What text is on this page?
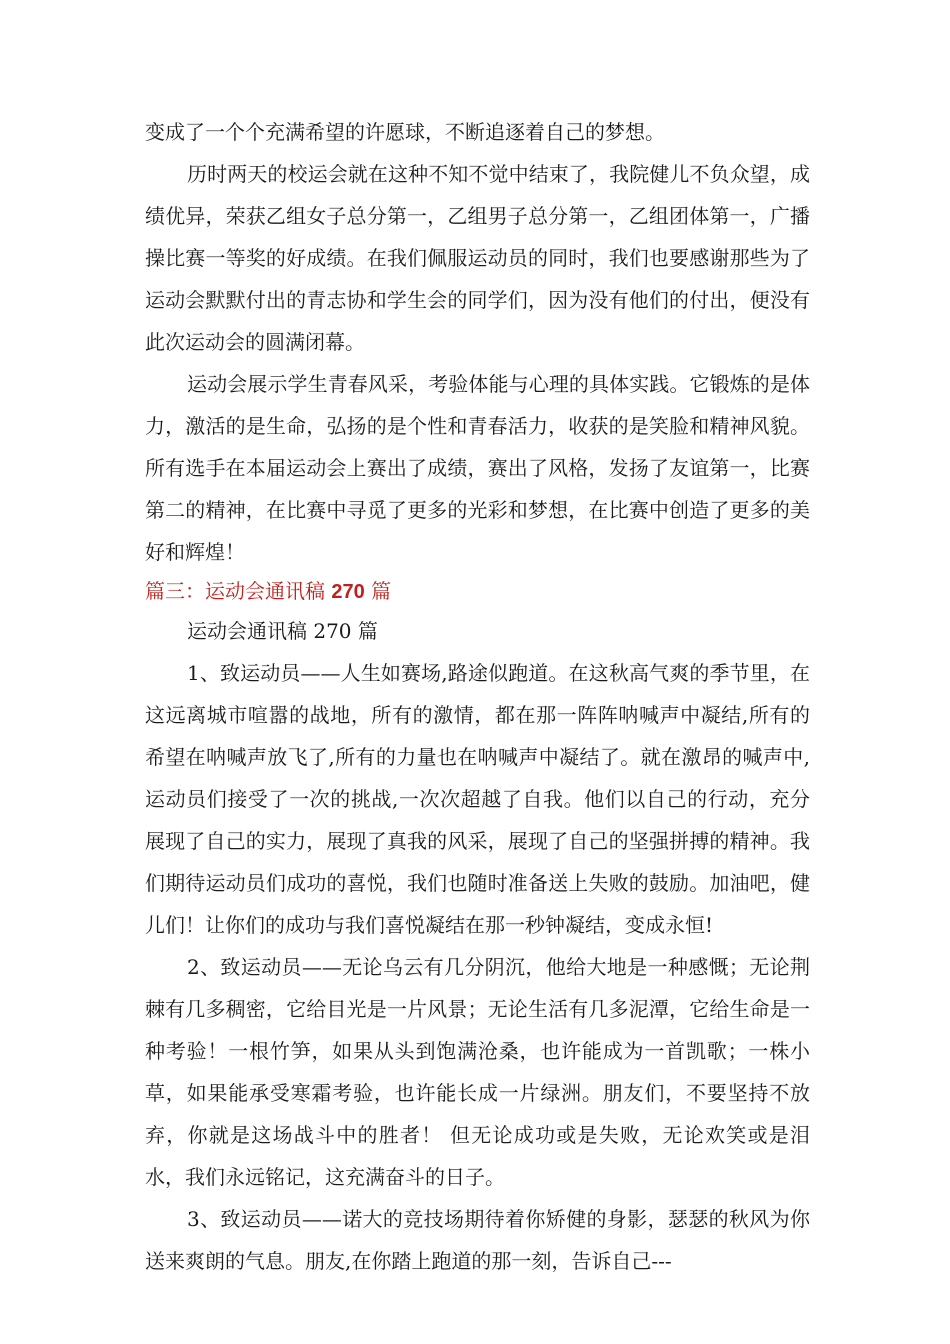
变成了一个个充满希望的许愿球，不断追逐着自己的梦想。

历时两天的校运会就在这种不知不觉中结束了，我院健儿不负众望，成绩优异，荣获乙组女子总分第一，乙组男子总分第一，乙组团体第一，广播操比赛一等奖的好成绩。在我们佩服运动员的同时，我们也要感谢那些为了运动会默默付出的青志协和学生会的同学们，因为没有他们的付出，便没有此次运动会的圆满闭幕。

运动会展示学生青春风采，考验体能与心理的具体实践。它锻炼的是体力，激活的是生命，弘扬的是个性和青春活力，收获的是笑脸和精神风貌。所有选手在本届运动会上赛出了成绩，赛出了风格，发扬了友谊第一，比赛第二的精神，在比赛中寻觅了更多的光彩和梦想，在比赛中创造了更多的美好和辉煌！

篇三：运动会通讯稿 270 篇

运动会通讯稿 270 篇

1、致运动员——人生如赛场,路途似跑道。在这秋高气爽的季节里，在这远离城市喧嚣的战地，所有的激情，都在那一阵阵呐喊声中凝结,所有的希望在呐喊声放飞了,所有的力量也在呐喊声中凝结了。就在激昂的喊声中,运动员们接受了一次的挑战,一次次超越了自我。他们以自己的行动，充分展现了自己的实力，展现了真我的风采，展现了自己的坚强拼搏的精神。我们期待运动员们成功的喜悦，我们也随时准备送上失败的鼓励。加油吧，健儿们！让你们的成功与我们喜悦凝结在那一秒钟凝结，变成永恒!

2、致运动员——无论乌云有几分阴沉，他给大地是一种感慨；无论荆棘有几多稠密，它给目光是一片风景；无论生活有几多泥潭，它给生命是一种考验！一根竹笋，如果从头到饱满沧桑，也许能成为一首凯歌；一株小草，如果能承受寒霜考验，也许能长成一片绿洲。朋友们，不要坚持不放弃，你就是这场战斗中的胜者！ 但无论成功或是失败，无论欢笑或是泪水，我们永远铭记，这充满奋斗的日子。

3、致运动员——诺大的竞技场期待着你矫健的身影，瑟瑟的秋风为你送来爽朗的气息。朋友,在你踏上跑道的那一刻，告诉自己---
